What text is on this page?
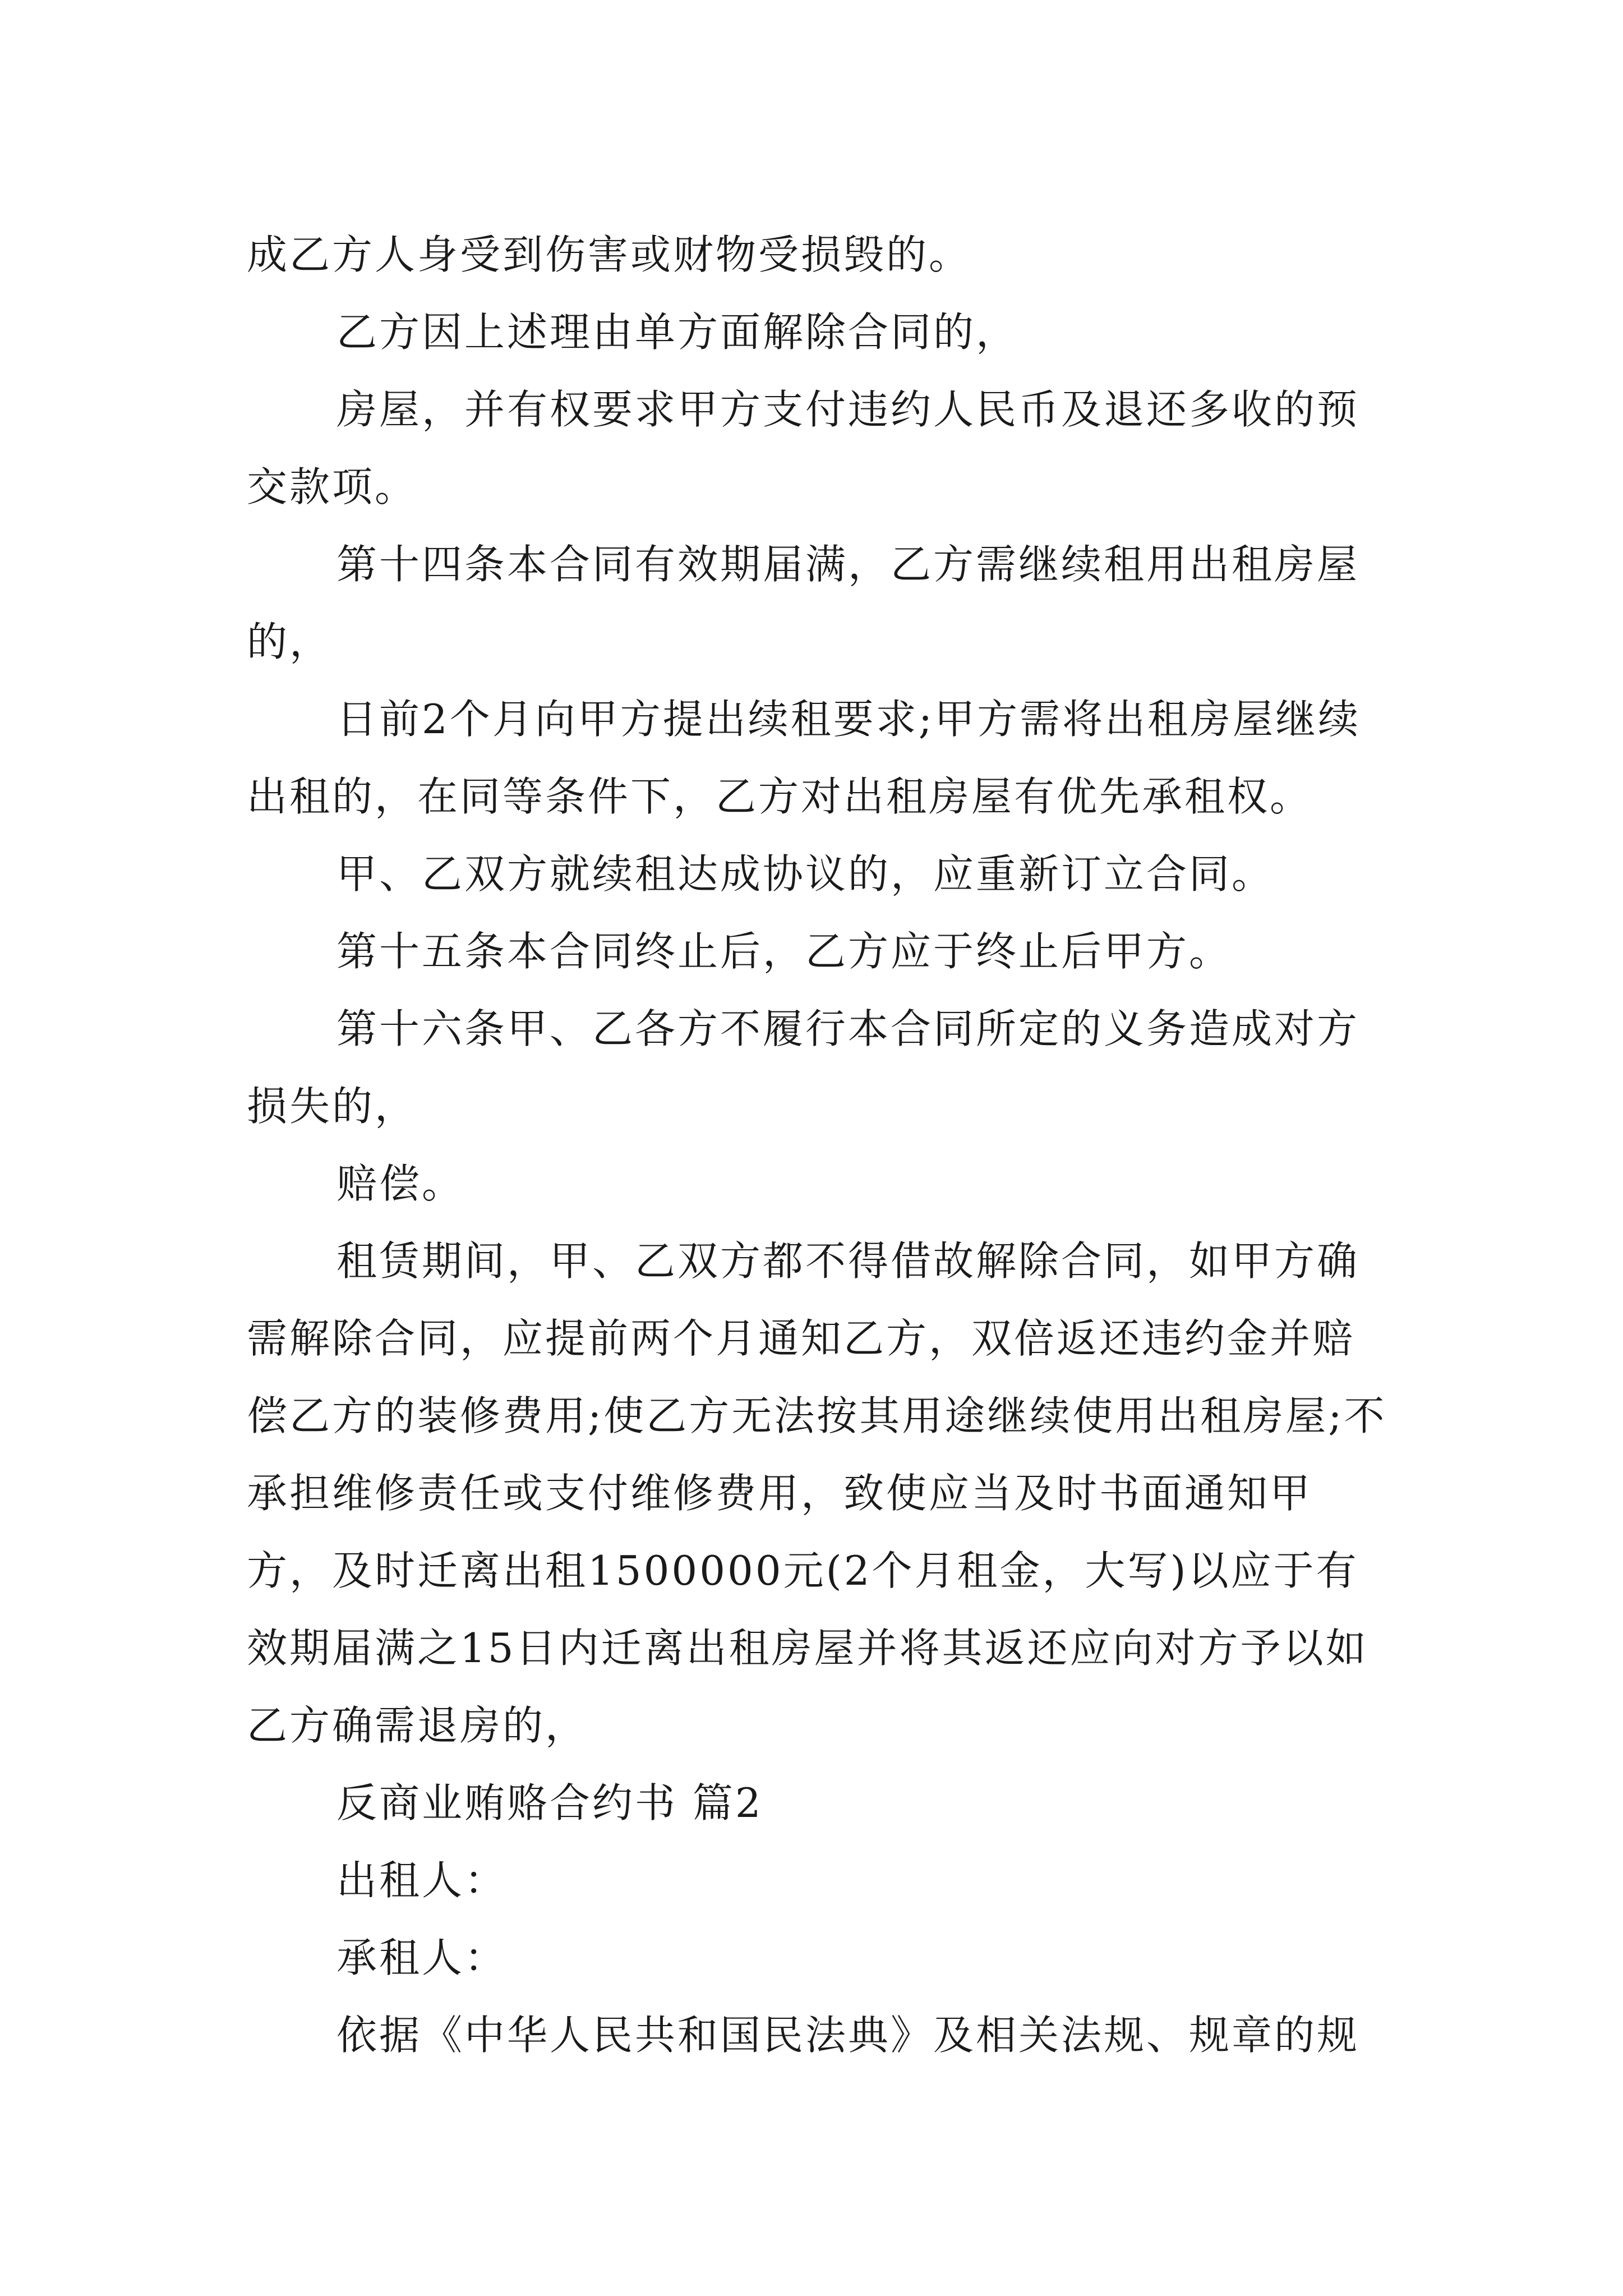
成乙方人身受到伤害或财物受损毁的。

乙方因上述理由单方面解除合同的，

房屋，并有权要求甲方支付违约人民币及退还多收的预交款项。

第十四条本合同有效期届满，乙方需继续租用出租房屋的，

日前2个月向甲方提出续租要求;甲方需将出租房屋继续出租的，在同等条件下，乙方对出租房屋有优先承租权。

甲、乙双方就续租达成协议的，应重新订立合同。

第十五条本合同终止后，乙方应于终止后甲方。

第十六条甲、乙各方不履行本合同所定的义务造成对方损失的，

赔偿。

租赁期间，甲、乙双方都不得借故解除合同，如甲方确需解除合同，应提前两个月通知乙方，双倍返还违约金并赔偿乙方的装修费用;使乙方无法按其用途继续使用出租房屋;不承担维修责任或支付维修费用，致使应当及时书面通知甲方，及时迁离出租1500000元(2个月租金，大写)以应于有效期届满之15日内迁离出租房屋并将其返还应向对方予以如乙方确需退房的，

反商业贿赂合约书 篇2

出租人：

承租人：

依据《中华人民共和国民法典》及相关法规、规章的规
